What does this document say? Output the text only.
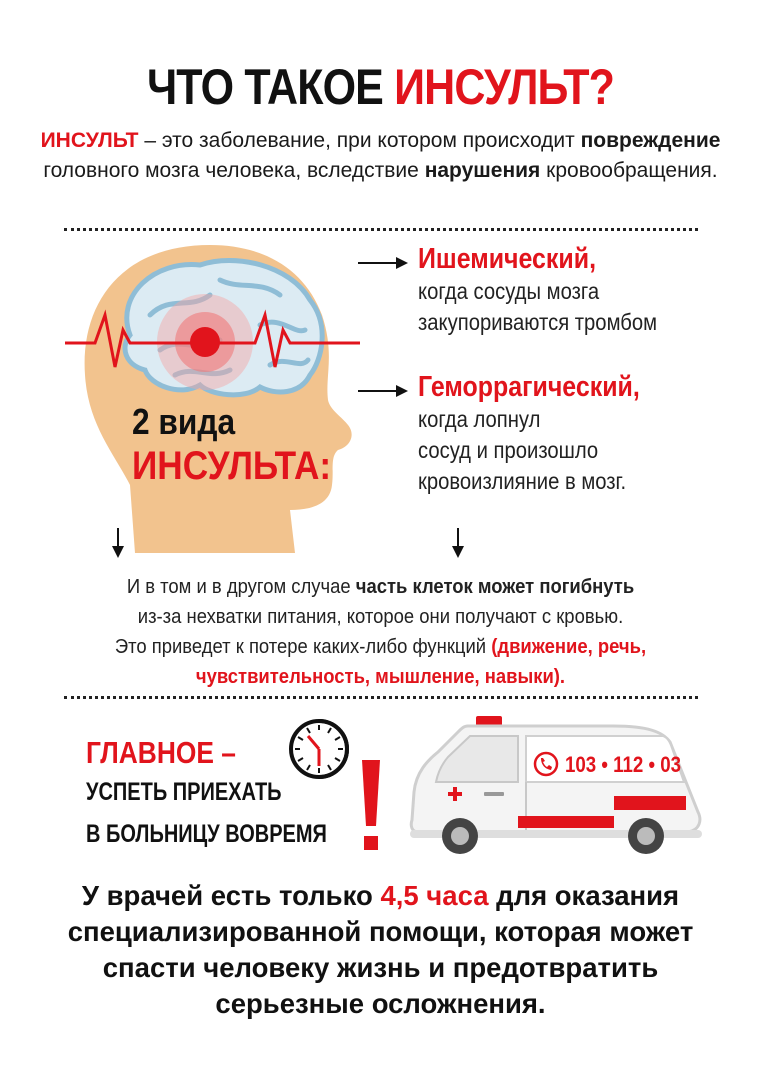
ЧТО ТАКОЕ ИНСУЛЬТ?
ИНСУЛЬТ – это заболевание, при котором происходит повреждение головного мозга человека, вследствие нарушения кровообращения.
2 вида
ИНСУЛЬТА:
Ишемический,
когда сосуды мозга
закупориваются тромбом
Геморрагический,
когда лопнул
сосуд и произошло
кровоизлияние в мозг.
И в том и в другом случае часть клеток может погибнуть
из-за нехватки питания, которое они получают с кровью.
Это приведет к потере каких-либо функций (движение, речь,
чувствительность, мышление, навыки).
ГЛАВНОЕ –
УСПЕТЬ ПРИЕХАТЬ
В БОЛЬНИЦУ ВОВРЕМЯ
103 • 112 • 03
У врачей есть только 4,5 часа для оказания специализированной помощи, которая может спасти человеку жизнь и предотвратить серьезные осложнения.
